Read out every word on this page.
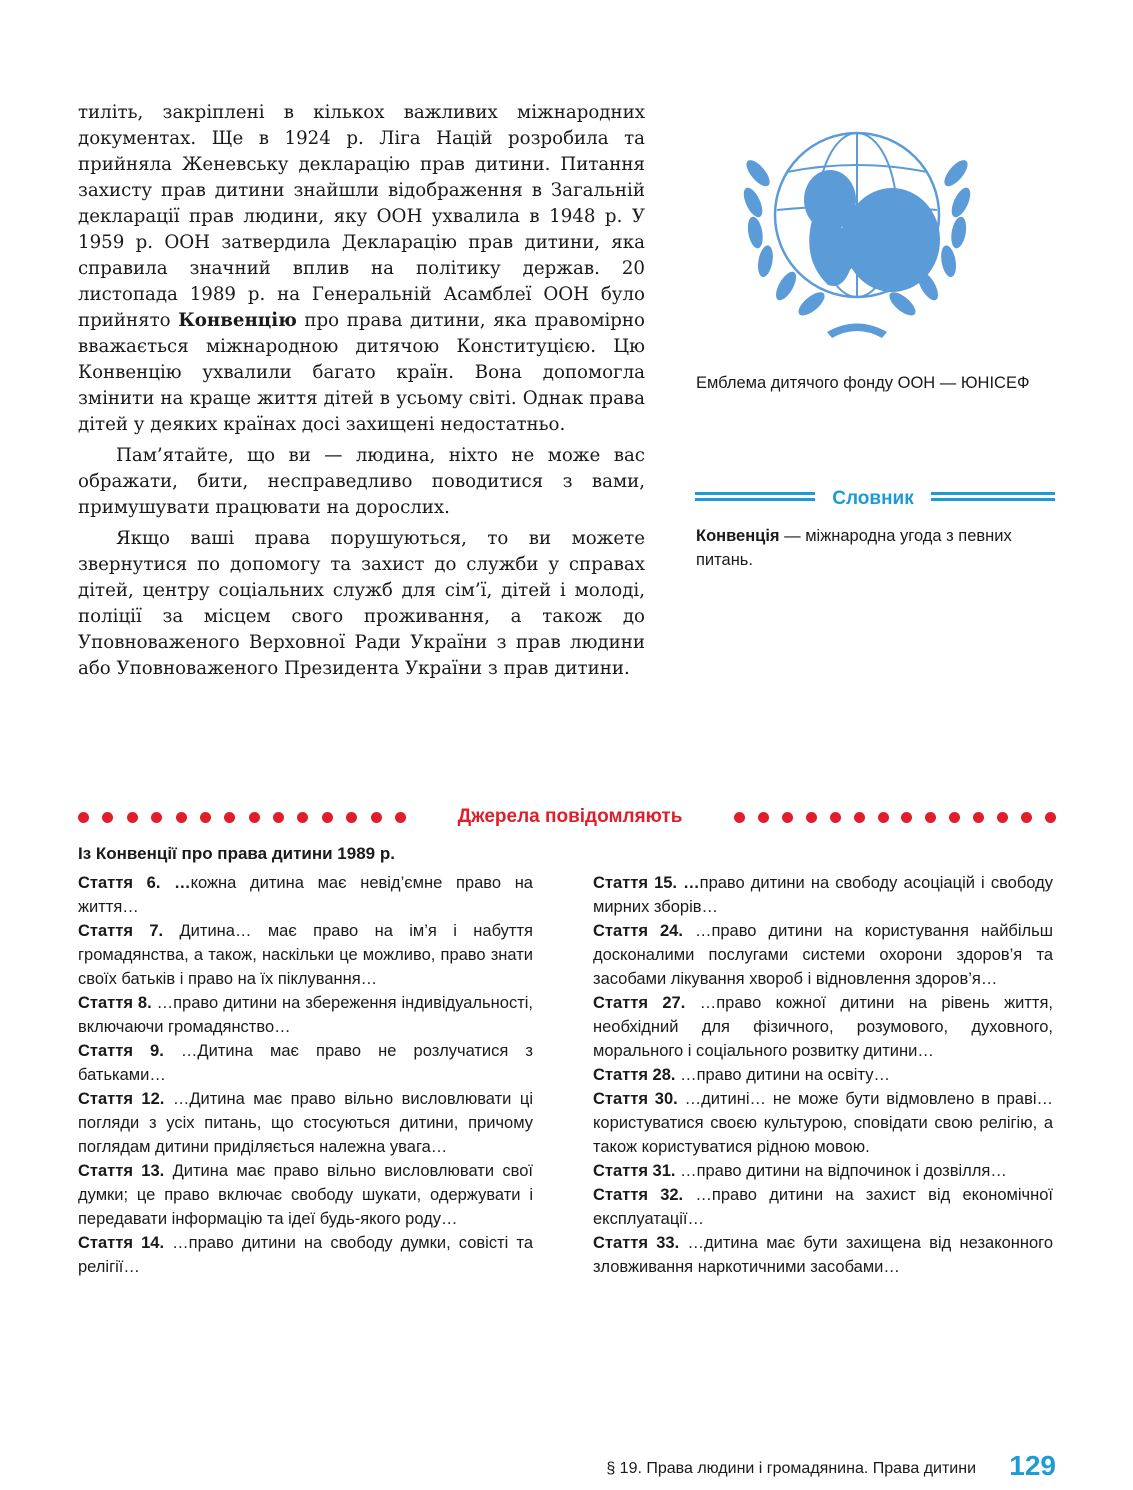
тиліть, закріплені в кількох важливих міжнародних документах. Ще в 1924 р. Ліга Націй розробила та прийняла Женевську декларацію прав дитини. Питання захисту прав дитини знайшли відображення в Загальній декларації прав людини, яку ООН ухвалила в 1948 р. У 1959 р. ООН затвердила Декларацію прав дитини, яка справила значний вплив на політику держав. 20 листопада 1989 р. на Генеральній Асамблеї ООН було прийнято Конвенцію про права дитини, яка правомірно вважається міжнародною дитячою Конституцією. Цю Конвенцію ухвалили багато країн. Вона допомогла змінити на краще життя дітей в усьому світі. Однак права дітей у деяких країнах досі захищені недостатньо.

Пам’ятайте, що ви — людина, ніхто не може вас ображати, бити, несправедливо поводитися з вами, примушувати працювати на дорослих.

Якщо ваші права порушуються, то ви можете звернутися по допомогу та захист до служби у справах дітей, центру соціальних служб для сім’ї, дітей і молоді, поліції за місцем свого проживання, а також до Уповноваженого Верховної Ради України з прав людини або Уповноваженого Президента України з прав дитини.

Емблема дитячого фонду ООН — ЮНІСЕФ
Словник
Конвенція — міжнародна угода з певних питань.
Джерела повідомляють
Із Конвенції про права дитини 1989 р.

Стаття 6. …кожна дитина має невід’ємне право на життя…

Стаття 7. Дитина… має право на ім’я і набуття громадянства, а також, наскільки це можливо, право знати своїх батьків і право на їх піклування…

Стаття 8. …право дитини на збереження індивідуальності, включаючи громадянство…

Стаття 9. …Дитина має право не розлучатися з батьками…

Стаття 12. …Дитина має право вільно висловлювати ці погляди з усіх питань, що стосуються дитини, причому поглядам дитини приділяється належна увага…

Стаття 13. Дитина має право вільно висловлювати свої думки; це право включає свободу шукати, одержувати і передавати інформацію та ідеї будь-якого роду…

Стаття 14. …право дитини на свободу думки, совісті та релігії…

Стаття 15. …право дитини на свободу асоціацій і свободу мирних зборів…

Стаття 24. …право дитини на користування найбільш досконалими послугами системи охорони здоров’я та засобами лікування хвороб і відновлення здоров’я…

Стаття 27. …право кожної дитини на рівень життя, необхідний для фізичного, розумового, духовного, морального і соціального розвитку дитини…

Стаття 28. …право дитини на освіту…

Стаття 30. …дитині… не може бути відмовлено в праві… користуватися своєю культурою, сповідати свою релігію, а також користуватися рідною мовою.

Стаття 31. …право дитини на відпочинок і дозвілля…

Стаття 32. …право дитини на захист від економічної експлуатації…

Стаття 33. …дитина має бути захищена від незаконного зловживання наркотичними засобами…

§ 19. Права людини і громадянина. Права дитини 129
